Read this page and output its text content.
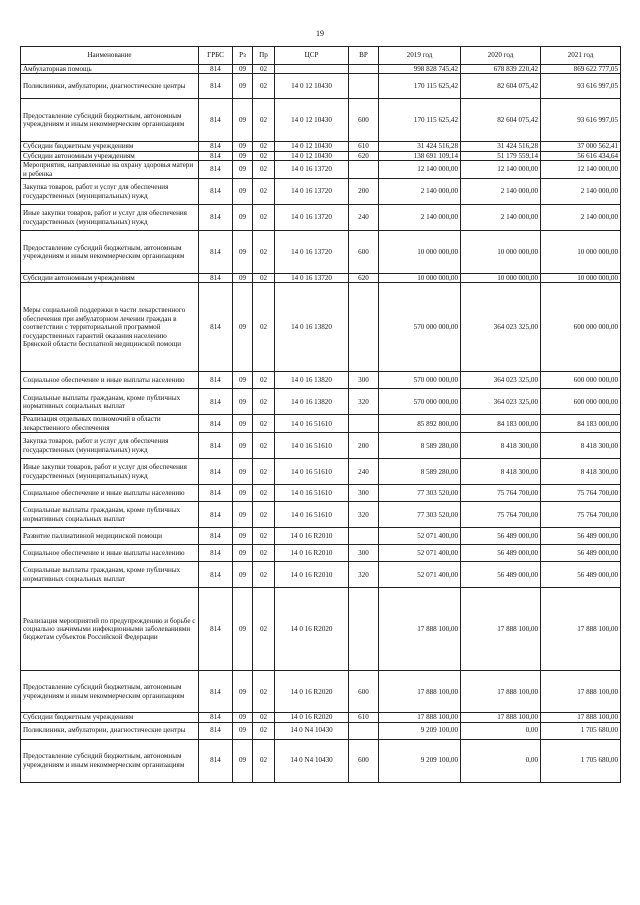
19
Наименование	ГРБС	Рз	Пр	ЦСР	ВР	2019 год	2020 год	2021 год
Амбулаторная помощь	814	09	02			998 828 745,42	678 839 220,42	869 622 777,05
Поликлиники, амбулатории, диагностические центры	814	09	02	14 0 12 10430		170 115 625,42	82 604 075,42	93 616 997,05
Предоставление субсидий бюджетным, автономным учреждениям и иным некоммерческим организациям	814	09	02	14 0 12 10430	600	170 115 625,42	82 604 075,42	93 616 997,05
Субсидии бюджетным учреждениям	814	09	02	14 0 12 10430	610	31 424 516,28	31 424 516,28	37 000 562,41
Субсидии автономным учреждениям	814	09	02	14 0 12 10430	620	138 691 109,14	51 179 559,14	56 616 434,64
Мероприятия, направленные на охрану здоровья матери и ребенка	814	09	02	14 0 16 13720		12 140 000,00	12 140 000,00	12 140 000,00
Закупка товаров, работ и услуг для обеспечения государственных (муниципальных) нужд	814	09	02	14 0 16 13720	200	2 140 000,00	2 140 000,00	2 140 000,00
Иные закупки товаров, работ и услуг для обеспечения государственных (муниципальных) нужд	814	09	02	14 0 16 13720	240	2 140 000,00	2 140 000,00	2 140 000,00
Предоставление субсидий бюджетным, автономным учреждениям и иным некоммерческим организациям	814	09	02	14 0 16 13720	600	10 000 000,00	10 000 000,00	10 000 000,00
Субсидии автономным учреждениям	814	09	02	14 0 16 13720	620	10 000 000,00	10 000 000,00	10 000 000,00
Меры социальной поддержки в части лекарственного обеспечения при амбулаторном лечении граждан в соответствии с территориальной программой государственных гарантий оказания населению Брянской области бесплатной медицинской помощи	814	09	02	14 0 16 13820		570 000 000,00	364 023 325,00	600 000 000,00
Социальное обеспечение и иные выплаты населению	814	09	02	14 0 16 13820	300	570 000 000,00	364 023 325,00	600 000 000,00
Социальные выплаты гражданам, кроме публичных нормативных социальных выплат	814	09	02	14 0 16 13820	320	570 000 000,00	364 023 325,00	600 000 000,00
Реализация отдельных полномочий в области лекарственного обеспечения	814	09	02	14 0 16 51610		85 892 800,00	84 183 000,00	84 183 000,00
Закупка товаров, работ и услуг для обеспечения государственных (муниципальных) нужд	814	09	02	14 0 16 51610	200	8 589 280,00	8 418 300,00	8 418 300,00
Иные закупки товаров, работ и услуг для обеспечения государственных (муниципальных) нужд	814	09	02	14 0 16 51610	240	8 589 280,00	8 418 300,00	8 418 300,00
Социальное обеспечение и иные выплаты населению	814	09	02	14 0 16 51610	300	77 303 520,00	75 764 700,00	75 764 700,00
Социальные выплаты гражданам, кроме публичных нормативных социальных выплат	814	09	02	14 0 16 51610	320	77 303 520,00	75 764 700,00	75 764 700,00
Развитие паллиативной медицинской помощи	814	09	02	14 0 16 R2010		52 071 400,00	56 489 000,00	56 489 000,00
Социальное обеспечение и иные выплаты населению	814	09	02	14 0 16 R2010	300	52 071 400,00	56 489 000,00	56 489 000,00
Социальные выплаты гражданам, кроме публичных нормативных социальных выплат	814	09	02	14 0 16 R2010	320	52 071 400,00	56 489 000,00	56 489 000,00
Реализация мероприятий по предупреждению и борьбе с социально значимыми инфекционными заболеваниями бюджетам субъектов Российской Федерации	814	09	02	14 0 16 R2020		17 888 100,00	17 888 100,00	17 888 100,00
Предоставление субсидий бюджетным, автономным учреждениям и иным некоммерческим организациям	814	09	02	14 0 16 R2020	600	17 888 100,00	17 888 100,00	17 888 100,00
Субсидии бюджетным учреждениям	814	09	02	14 0 16 R2020	610	17 888 100,00	17 888 100,00	17 888 100,00
Поликлиники, амбулатории, диагностические центры	814	09	02	14 0 N4 10430		9 209 100,00	0,00	1 705 680,00
Предоставление субсидий бюджетным, автономным учреждениям и иным некоммерческим организациям	814	09	02	14 0 N4 10430	600	9 209 100,00	0,00	1 705 680,00
